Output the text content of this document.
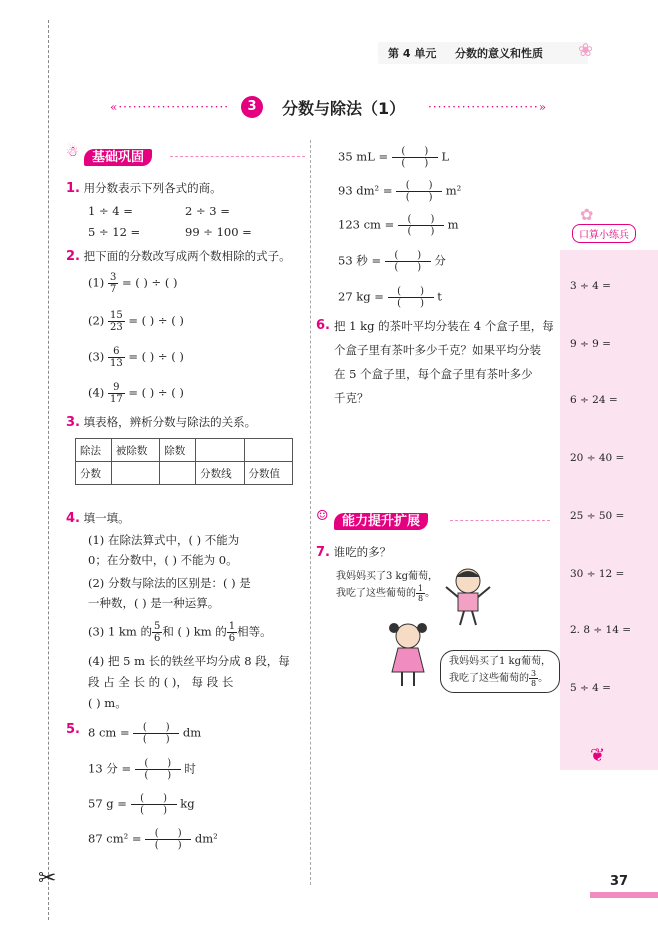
✂
第 4 单元 分数的意义和性质 ❀
«·······················	3	分数与除法（1） ·······················»
☃	基础巩固
1. 用分数表示下列各式的商。
1 ÷ 4 =	2 ÷ 3 =
5 ÷ 12 =	99 ÷ 100 =
2. 把下面的分数改写成两个数相除的式子。
$(1) \frac{3}{7}$ = ( ) ÷ ( )
$(2) \frac{15}{23}$ = ( ) ÷ ( )
$(3) \frac{6}{13}$ = ( ) ÷ ( )
$(4) \frac{9}{17}$ = ( ) ÷ ( )
3. 填表格，辨析分数与除法的关系。
除法	被除数	除数		
分数			分数线	分数值
4. 填一填。
(1) 在除法算式中，( ) 不能为
0；在分数中，( ) 不能为 0。
(2) 分数与除法的区别是：( ) 是
一种数，( ) 是一种运算。
(3) 1 km 的 $\frac{5}{6}$ 和 ( ) km 的 $\frac{1}{6}$ 相等。
(4) 把 5 m 长的铁丝平均分成 8 段，每
段 占 全 长 的 ( )， 每 段 长
( ) m。
5.
6. 把 1 kg 的茶叶平均分装在 4 个盒子里，每
个盒子里有茶叶多少千克？如果平均分装
在 5 个盒子里，每个盒子里有茶叶多少
千克？
☺	能力提升扩展
7. 谁吃的多？
我妈妈买了3 kg葡萄，
我吃了这些葡萄的 $\frac{1}{8}$ 。
我妈妈买了1 kg葡萄，
我吃了这些葡萄的 $\frac{3}{8}$ 。
口算小练兵
✿
❦
37
8 cm = $\frac{( )}{( )}$ dm
13 分 = $\frac{( )}{( )}$ 时
57 $g = \frac{( )}{( )}$ kg
87 $cm^2 = \frac{( )}{( )} dm^2$
35 mL = $\frac{( )}{( )}$ L
93 $dm^2 = \frac{( )}{( )} m^2$
123 cm = $\frac{( )}{( )}$ m
53 秒 = $\frac{( )}{( )}$ 分
27 kg = $\frac{( )}{( )}$ t
3 ÷ 4 =
9 ÷ 9 =
6 ÷ 24 =
20 ÷ 40 =
25 ÷ 50 =
30 ÷ 12 =
2. 8 ÷ 14 =
5 ÷ 4 =
